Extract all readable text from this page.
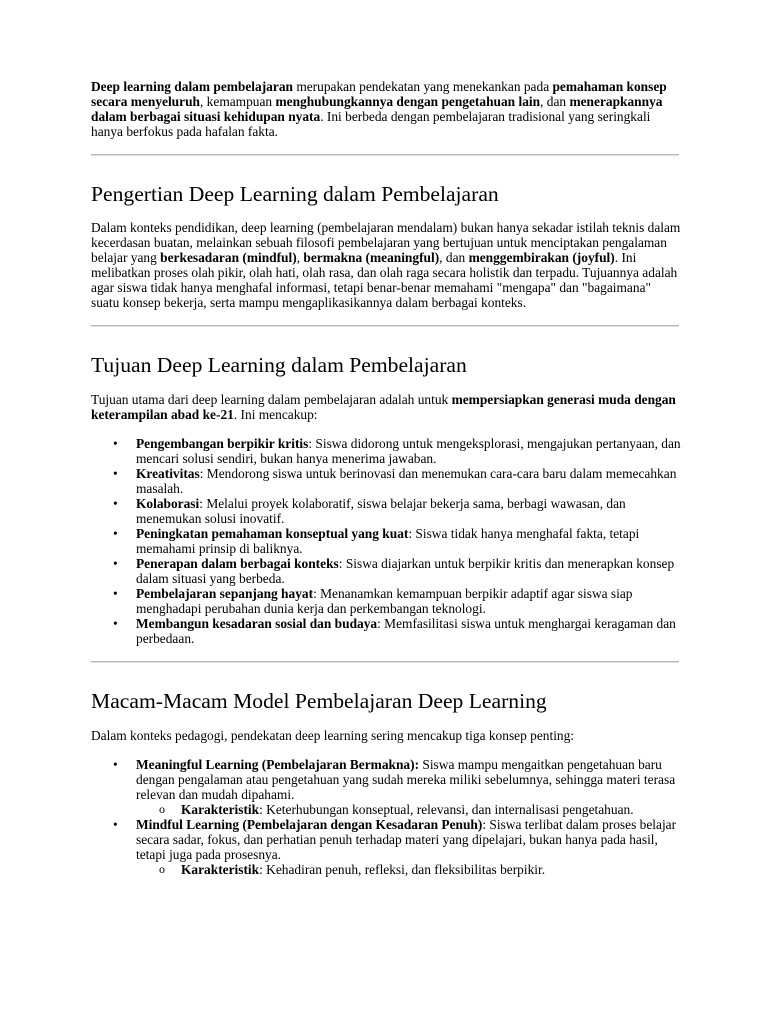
Deep learning dalam pembelajaran merupakan pendekatan yang menekankan pada pemahaman konsep secara menyeluruh, kemampuan menghubungkannya dengan pengetahuan lain, dan menerapkannya dalam berbagai situasi kehidupan nyata. Ini berbeda dengan pembelajaran tradisional yang seringkali hanya berfokus pada hafalan fakta.

Pengertian Deep Learning dalam Pembelajaran

Dalam konteks pendidikan, deep learning (pembelajaran mendalam) bukan hanya sekadar istilah teknis dalam kecerdasan buatan, melainkan sebuah filosofi pembelajaran yang bertujuan untuk menciptakan pengalaman belajar yang berkesadaran (mindful), bermakna (meaningful), dan menggembirakan (joyful). Ini melibatkan proses olah pikir, olah hati, olah rasa, dan olah raga secara holistik dan terpadu. Tujuannya adalah agar siswa tidak hanya menghafal informasi, tetapi benar-benar memahami "mengapa" dan "bagaimana" suatu konsep bekerja, serta mampu mengaplikasikannya dalam berbagai konteks.

Tujuan Deep Learning dalam Pembelajaran

Tujuan utama dari deep learning dalam pembelajaran adalah untuk mempersiapkan generasi muda dengan keterampilan abad ke-21. Ini mencakup:

• Pengembangan berpikir kritis: Siswa didorong untuk mengeksplorasi, mengajukan pertanyaan, dan mencari solusi sendiri, bukan hanya menerima jawaban.
• Kreativitas: Mendorong siswa untuk berinovasi dan menemukan cara-cara baru dalam memecahkan masalah.
• Kolaborasi: Melalui proyek kolaboratif, siswa belajar bekerja sama, berbagi wawasan, dan menemukan solusi inovatif.
• Peningkatan pemahaman konseptual yang kuat: Siswa tidak hanya menghafal fakta, tetapi memahami prinsip di baliknya.
• Penerapan dalam berbagai konteks: Siswa diajarkan untuk berpikir kritis dan menerapkan konsep dalam situasi yang berbeda.
• Pembelajaran sepanjang hayat: Menanamkan kemampuan berpikir adaptif agar siswa siap menghadapi perubahan dunia kerja dan perkembangan teknologi.
• Membangun kesadaran sosial dan budaya: Memfasilitasi siswa untuk menghargai keragaman dan perbedaan.
Macam-Macam Model Pembelajaran Deep Learning

Dalam konteks pedagogi, pendekatan deep learning sering mencakup tiga konsep penting:

• Meaningful Learning (Pembelajaran Bermakna): Siswa mampu mengaitkan pengetahuan baru dengan pengalaman atau pengetahuan yang sudah mereka miliki sebelumnya, sehingga materi terasa relevan dan mudah dipahami.
o Karakteristik: Keterhubungan konseptual, relevansi, dan internalisasi pengetahuan.
• Mindful Learning (Pembelajaran dengan Kesadaran Penuh): Siswa terlibat dalam proses belajar secara sadar, fokus, dan perhatian penuh terhadap materi yang dipelajari, bukan hanya pada hasil, tetapi juga pada prosesnya.
o Karakteristik: Kehadiran penuh, refleksi, dan fleksibilitas berpikir.
